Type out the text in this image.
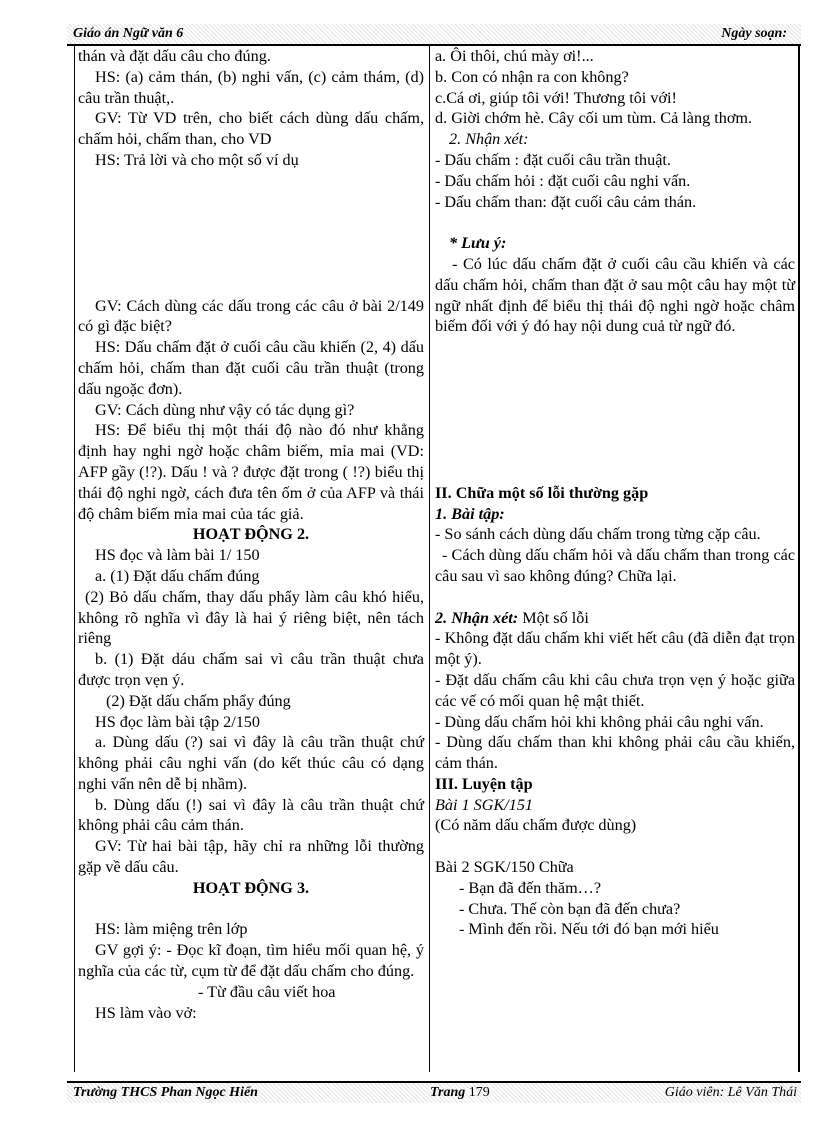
Giáo án Ngữ văn 6	Ngày soạn:

thán và đặt dấu câu cho đúng.

HS: (a) cảm thán, (b) nghi vấn, (c) cảm thám, (d) câu trần thuật,.

GV: Từ VD trên, cho biết cách dùng dấu chấm, chấm hỏi, chấm than, cho VD

HS: Trả lời và cho một số ví dụ

GV: Cách dùng các dấu trong các câu ở bài 2/149 có gì đặc biệt?

HS: Dấu chấm đặt ở cuối câu cầu khiến (2, 4) dấu chấm hỏi, chấm than đặt cuối câu trần thuật (trong dấu ngoặc đơn).

GV: Cách dùng như vậy có tác dụng gì?

HS: Để biểu thị một thái độ nào đó như khẳng định hay nghi ngờ hoặc châm biếm, mỉa mai (VD: AFP gầy (!?). Dấu ! và ? được đặt trong ( !?) biểu thị thái độ nghi ngờ, cách đưa tên ốm ở của AFP và thái độ châm biếm mỉa mai của tác giả.

HOẠT ĐỘNG 2.

HS đọc và làm bài 1/ 150

a. (1) Đặt dấu chấm đúng

(2) Bỏ dấu chấm, thay dấu phẩy làm câu khó hiểu, không rõ nghĩa vì đây là hai ý riêng biệt, nên tách riêng

b. (1) Đặt dáu chấm sai vì câu trần thuật chưa được trọn vẹn ý.

(2) Đặt dấu chấm phẩy đúng

HS đọc làm bài tập 2/150

a. Dùng dấu (?) sai vì đây là câu trần thuật chứ không phải câu nghi vấn (do kết thúc câu có dạng nghi vấn nên dễ bị nhầm).

b. Dùng dấu (!) sai vì đây là câu trần thuật chứ không phải câu cảm thán.

GV: Từ hai bài tập, hãy chỉ ra những lỗi thường gặp về dấu câu.

HOẠT ĐỘNG 3.

HS: làm miệng trên lớp

GV gợi ý: - Đọc kĩ đoạn, tìm hiểu mối quan hệ, ý nghĩa của các từ, cụm từ để đặt dấu chấm cho đúng.

- Từ đầu câu viết hoa

HS làm vào vở:

a. Ôi thôi, chú mày ơi!...

b. Con có nhận ra con không?

c.Cá ơi, giúp tôi với! Thương tôi với!

d. Giời chớm hè. Cây cối um tùm. Cả làng thơm.

2. Nhận xét:

- Dấu chấm : đặt cuối câu trần thuật.

- Dấu chấm hỏi : đặt cuối câu nghi vấn.

- Dấu chấm than: đặt cuối câu cảm thán.

* Lưu ý:

- Có lúc dấu chấm đặt ở cuối câu cầu khiến và các dấu chấm hỏi, chấm than đặt ở sau một câu hay một từ ngữ nhất định để biểu thị thái độ nghi ngờ hoặc châm biếm đối với ý đó hay nội dung cuả từ ngữ đó.

II. Chữa một số lỗi thường gặp

1. Bài tập:

- So sánh cách dùng dấu chấm trong từng cặp câu.

- Cách dùng dấu chấm hỏi và dấu chấm than trong các câu sau vì sao không đúng? Chữa lại.

2. Nhận xét: Một số lỗi

- Không đặt dấu chấm khi viết hết câu (đã diễn đạt trọn một ý).

- Đặt dấu chấm câu khi câu chưa trọn vẹn ý hoặc giữa các vế có mối quan hệ mật thiết.

- Dùng dấu chấm hỏi khi không phải câu nghi vấn.

- Dùng dấu chấm than khi không phải câu cầu khiến, cảm thán.

III. Luyện tập

Bài 1 SGK/151

(Có năm dấu chấm được dùng)

Bài 2 SGK/150 Chữa

- Bạn đã đến thăm…?

- Chưa. Thế còn bạn đã đến chưa?

- Mình đến rồi. Nếu tới đó bạn mới hiểu

Trường THCS Phan Ngọc Hiển	Trang 179	Giáo viên: Lê Văn Thái
